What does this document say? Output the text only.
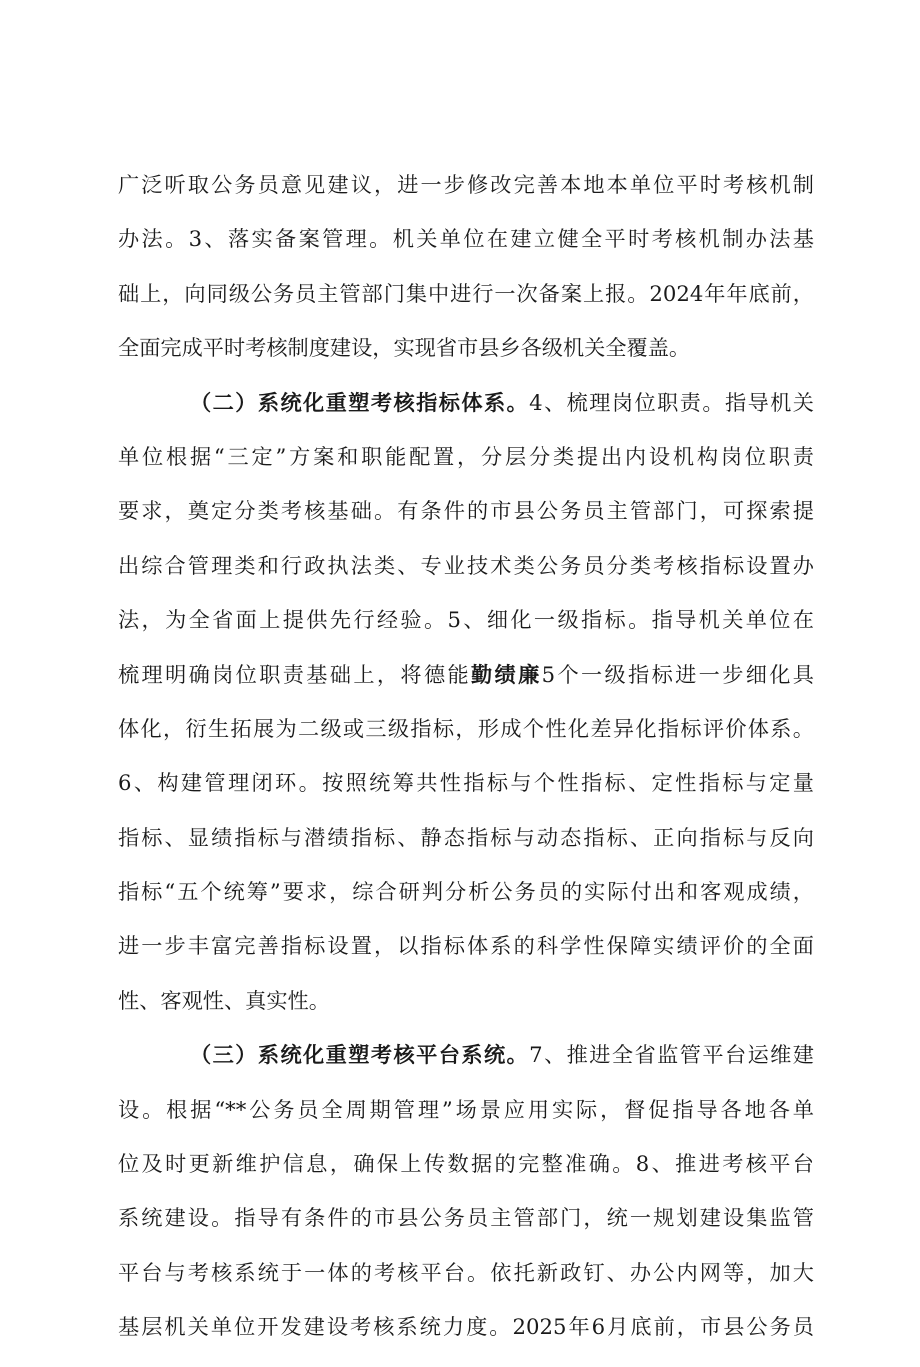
广泛听取公务员意见建议，进一步修改完善本地本单位平时考核机制
办法。3、落实备案管理。机关单位在建立健全平时考核机制办法基
础上，向同级公务员主管部门集中进行一次备案上报。2024年年底前，
全面完成平时考核制度建设，实现省市县乡各级机关全覆盖。
（二）系统化重塑考核指标体系。4、梳理岗位职责。指导机关
单位根据“三定”方案和职能配置，分层分类提出内设机构岗位职责
要求，奠定分类考核基础。有条件的市县公务员主管部门，可探索提
出综合管理类和行政执法类、专业技术类公务员分类考核指标设置办
法，为全省面上提供先行经验。5、细化一级指标。指导机关单位在
梳理明确岗位职责基础上，将德能勤绩廉5个一级指标进一步细化具
体化，衍生拓展为二级或三级指标，形成个性化差异化指标评价体系。
6、构建管理闭环。按照统筹共性指标与个性指标、定性指标与定量
指标、显绩指标与潜绩指标、静态指标与动态指标、正向指标与反向
指标“五个统筹”要求，综合研判分析公务员的实际付出和客观成绩，
进一步丰富完善指标设置，以指标体系的科学性保障实绩评价的全面
性、客观性、真实性。
（三）系统化重塑考核平台系统。7、推进全省监管平台运维建
设。根据“**公务员全周期管理”场景应用实际，督促指导各地各单
位及时更新维护信息，确保上传数据的完整准确。8、推进考核平台
系统建设。指导有条件的市县公务员主管部门，统一规划建设集监管
平台与考核系统于一体的考核平台。依托新政钉、办公内网等，加大
基层机关单位开发建设考核系统力度。2025年6月底前，市县公务员
